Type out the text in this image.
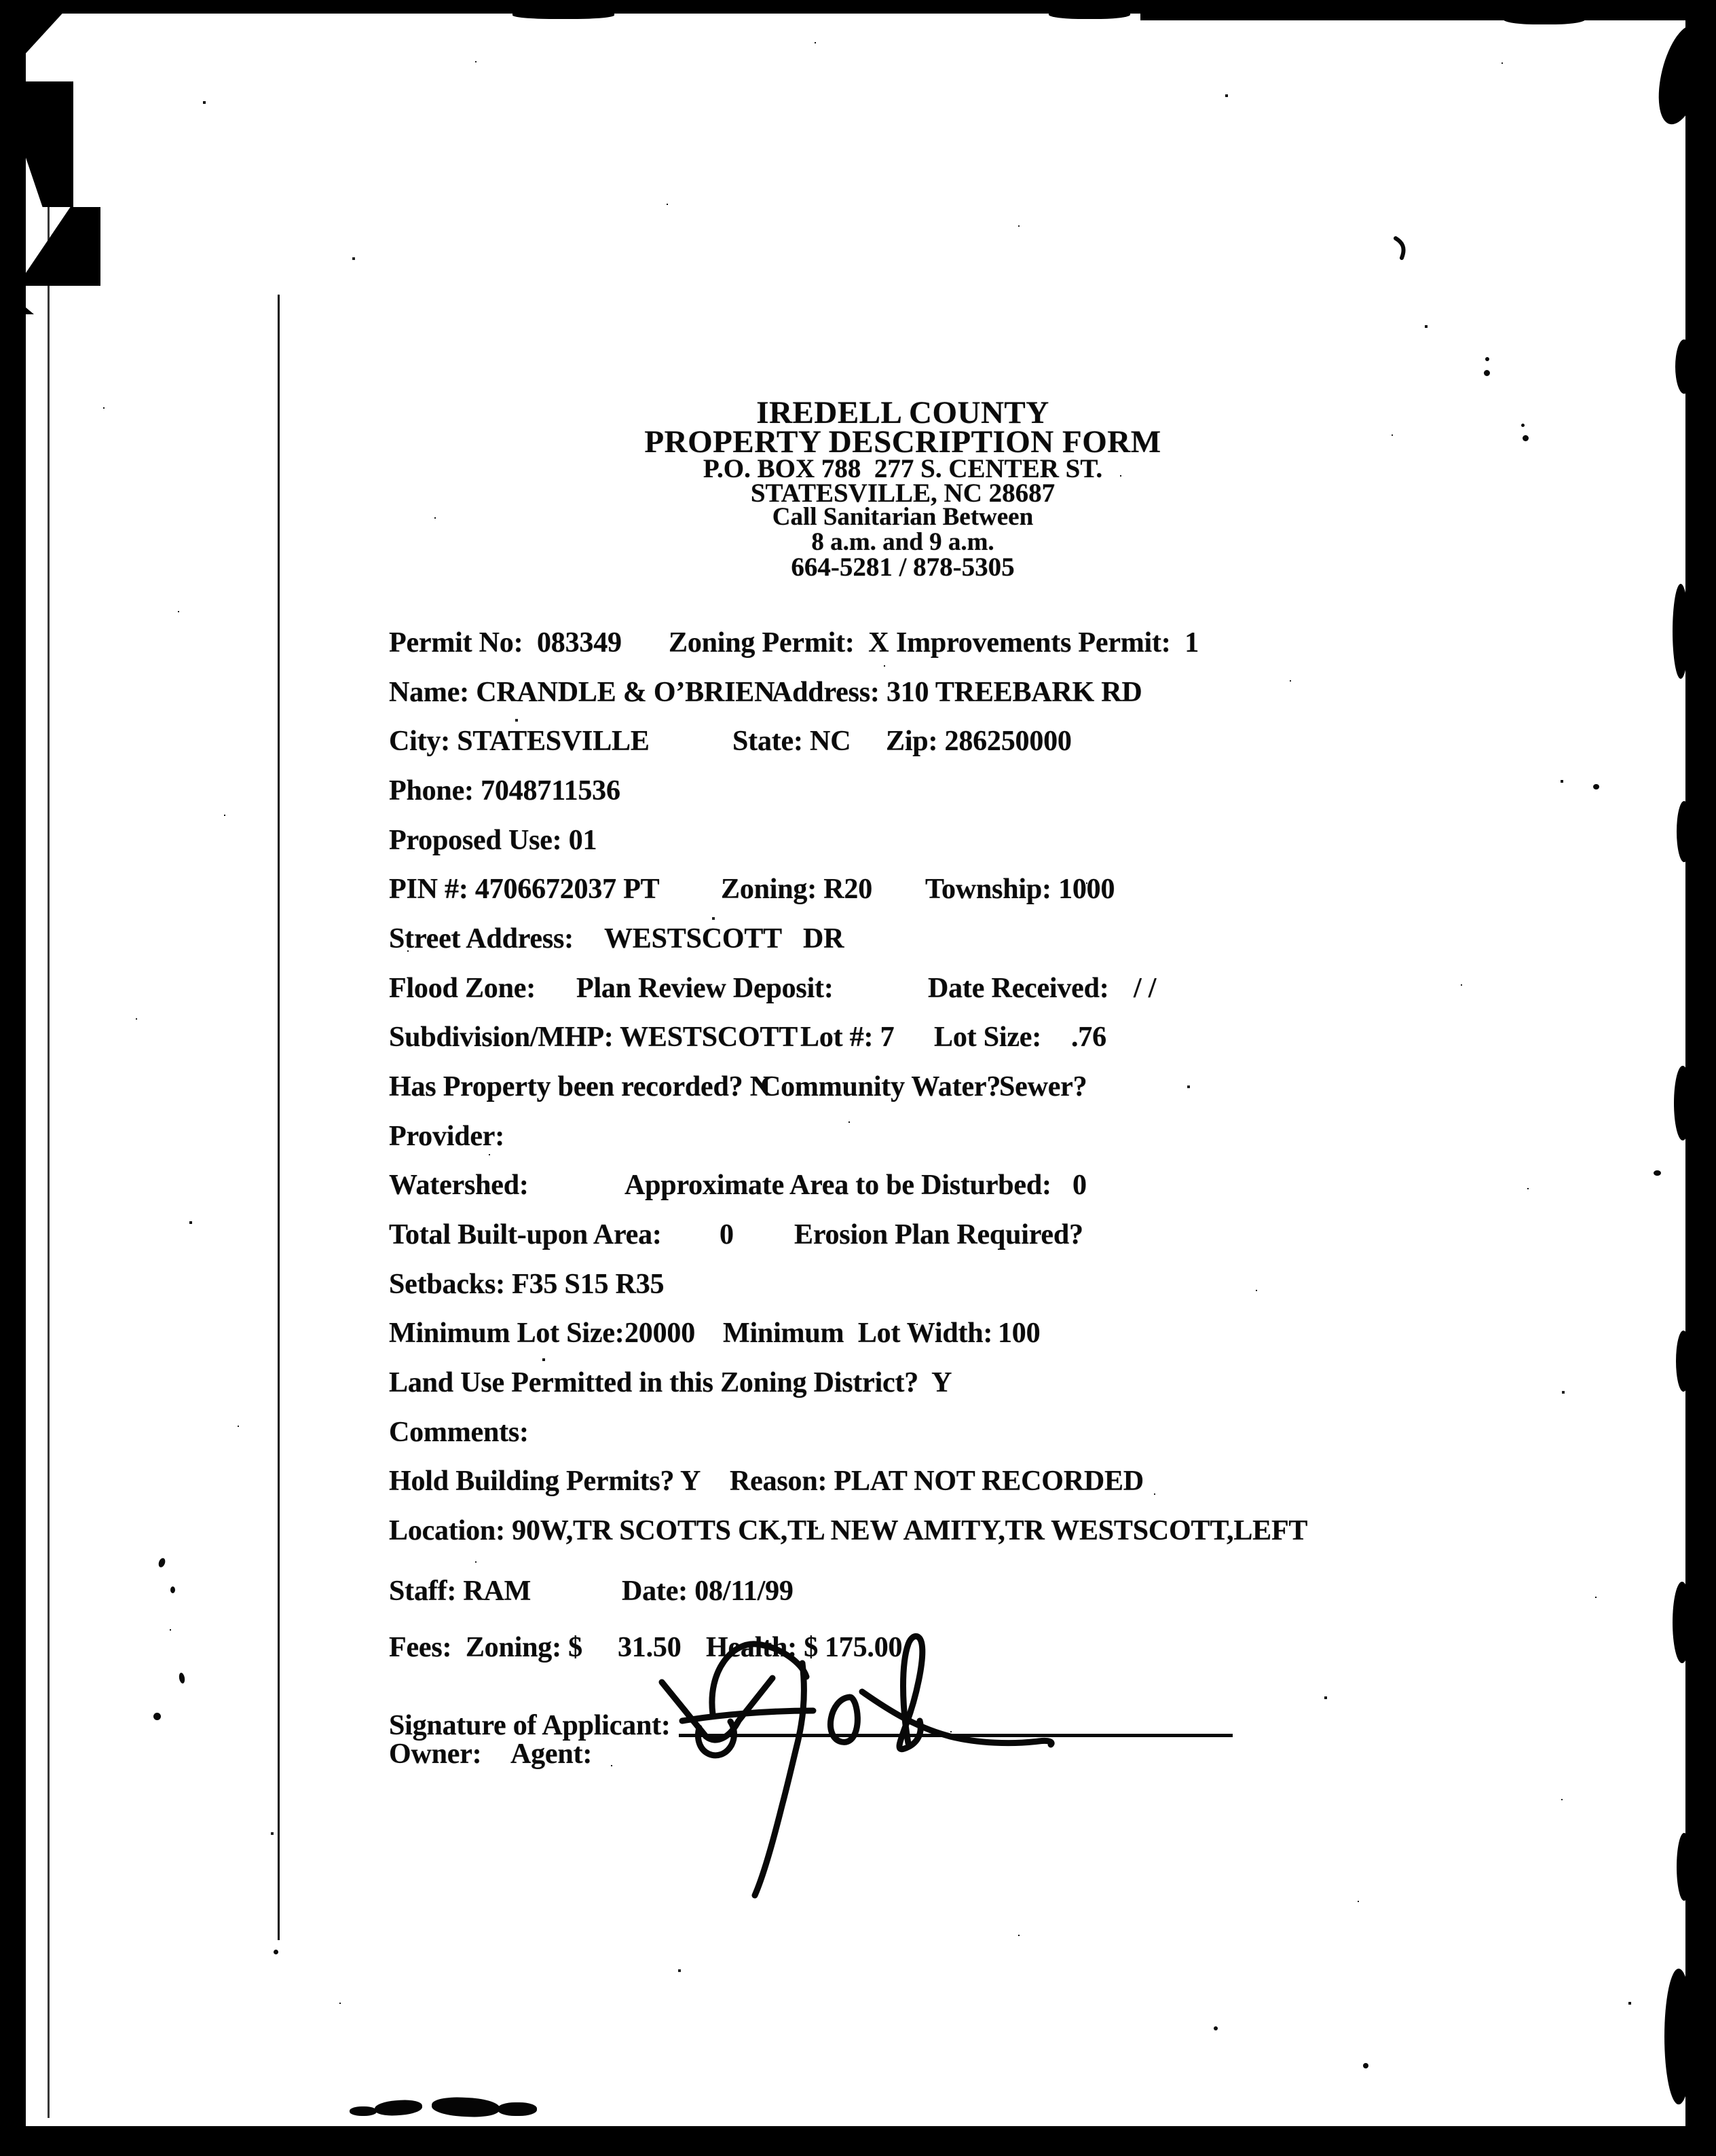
IREDELL COUNTY
PROPERTY DESCRIPTION FORM
P.O. BOX 788  277 S. CENTER ST.
STATESVILLE, NC 28687
Call Sanitarian Between
8 a.m. and 9 a.m.
664-5281 / 878-5305
Permit No:  083349 Zoning Permit:  X Improvements Permit:  1
Name: CRANDLE & O’BRIEN
Address: 310 TREEBARK RD
City: STATESVILLE	State: NC Zip: 286250000
Phone: 7048711536
Proposed Use: 01
PIN #: 4706672037 PT Zoning: R20 Township: 1000
Street Address: WESTSCOTT DR
Flood Zone: Plan Review Deposit:	Date Received: / /
Subdivision/MHP: WESTSCOTT Lot #: 7 Lot Size: .76
Has Property been recorded? N
Community Water?
Sewer?
Provider:
Watershed:	Approximate Area to be Disturbed: 0
Total Built-upon Area: 0 Erosion Plan Required?
Setbacks: F35 S15 R35
Minimum Lot Size: 20000 Minimum  Lot Width: 100
Land Use Permitted in this Zoning District?  Y
Comments:
Hold Building Permits? Y Reason: PLAT NOT RECORDED
Location: 90W,TR SCOTTS CK,TL NEW AMITY,TR WESTSCOTT,LEFT
Staff: RAM	Date: 08/11/99
Fees:  Zoning: $ 31.50 Health: $ 175.00
Signature of Applicant:
Owner: Agent:
